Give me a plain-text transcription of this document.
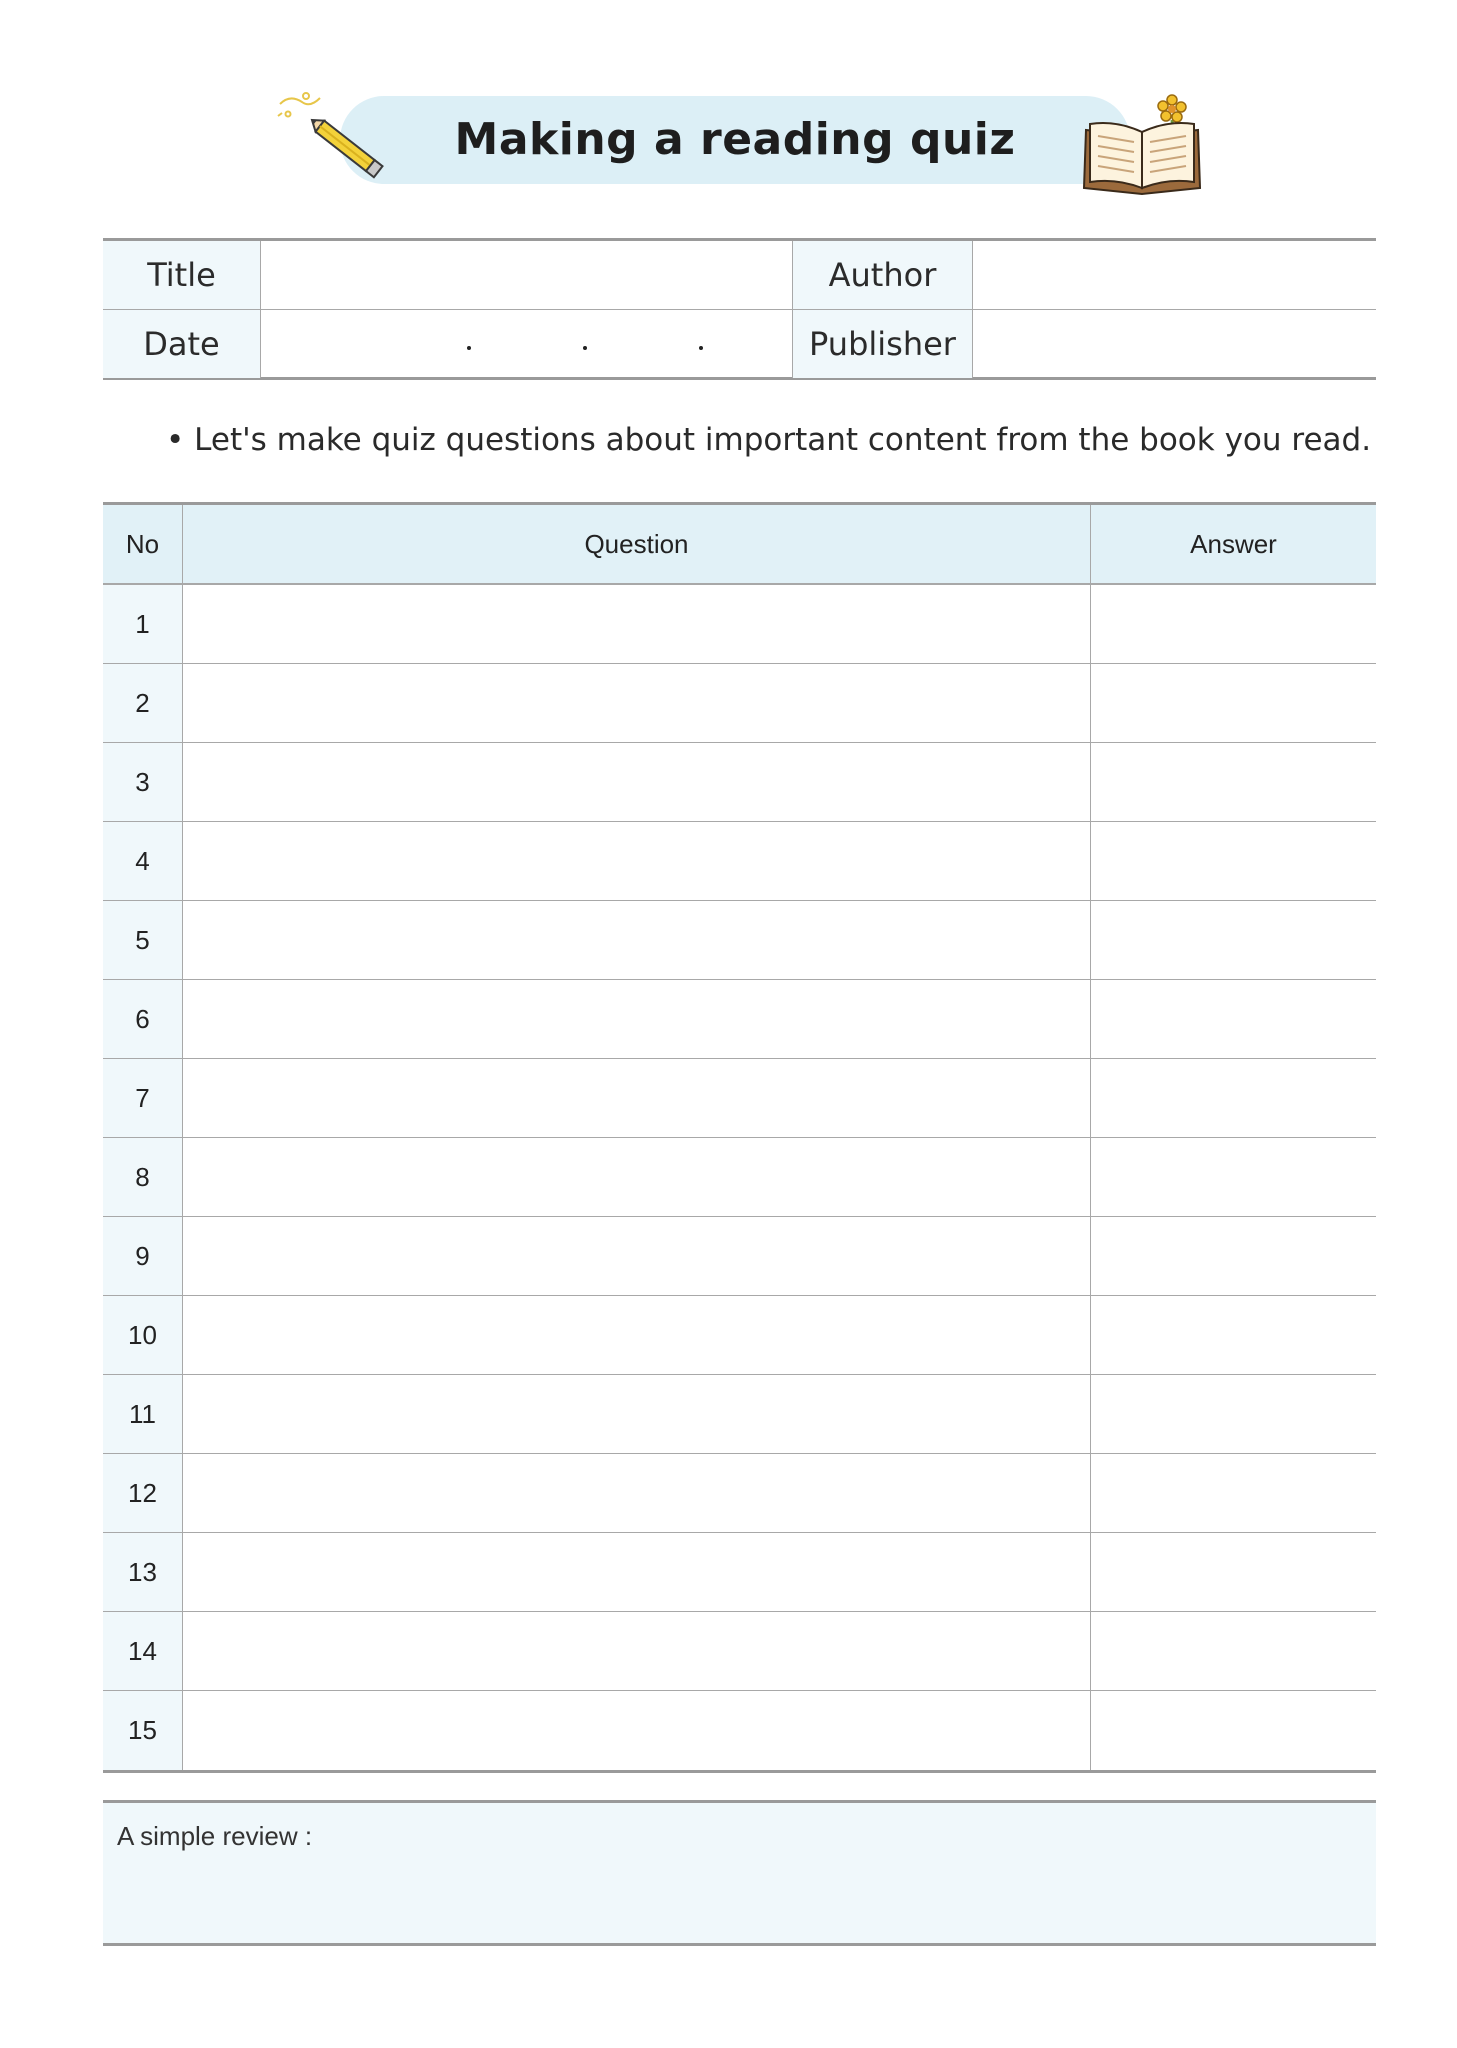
Making a reading quiz
Title	Author
Date	Publisher
• Let's make quiz questions about important content from the book you read.
No	Question	Answer
1
2
3
4
5
6
7
8
9
10
11
12
13
14
15
A simple review :
